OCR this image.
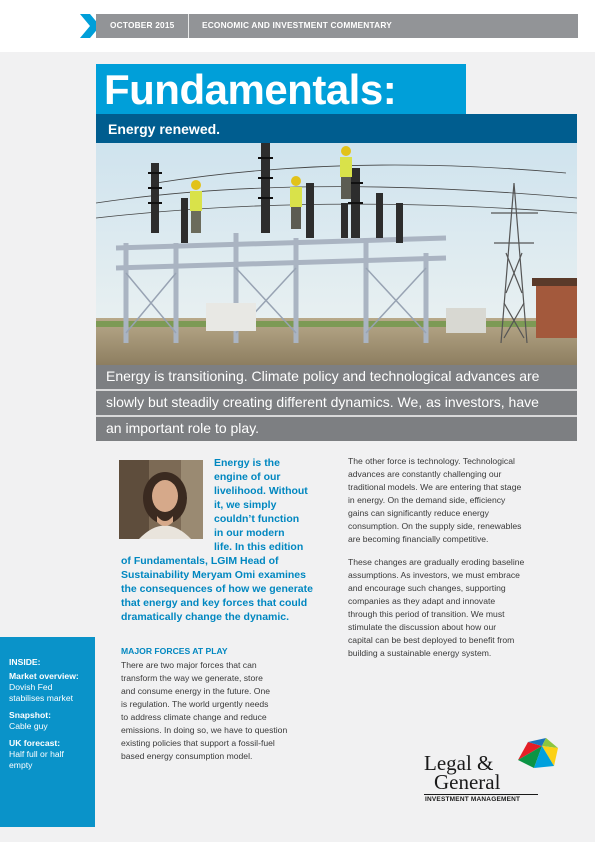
OCTOBER 2015	ECONOMIC AND INVESTMENT COMMENTARY
Fundamentals:
Energy renewed.
Energy is transitioning. Climate policy and technological advances are
slowly but steadily creating different dynamics. We, as investors, have
an important role to play.
Energy is the
engine of our
livelihood. Without
it, we simply
couldn’t function
in our modern
life. In this edition
of Fundamentals, LGIM Head of
Sustainability Meryam Omi examines
the consequences of how we generate
that energy and key forces that could
dramatically change the dynamic.
MAJOR FORCES AT PLAY
There are two major forces that can
transform the way we generate, store
and consume energy in the future. One
is regulation. The world urgently needs
to address climate change and reduce
emissions. In doing so, we have to question
existing policies that support a fossil-fuel
based energy consumption model.
The other force is technology. Technological
advances are constantly challenging our
traditional models. We are entering that stage
in energy. On the demand side, efficiency
gains can significantly reduce energy
consumption. On the supply side, renewables
are becoming financially competitive.
These changes are gradually eroding baseline
assumptions. As investors, we must embrace
and encourage such changes, supporting
companies as they adapt and innovate
through this period of transition. We must
stimulate the discussion about how our
capital can be best deployed to benefit from
building a sustainable energy system.
INSIDE:
Market overview:
Dovish Fed
stabilises market
Snapshot:
Cable guy
UK forecast:
Half full or half
empty	Legal &
General
INVESTMENT MANAGEMENT
